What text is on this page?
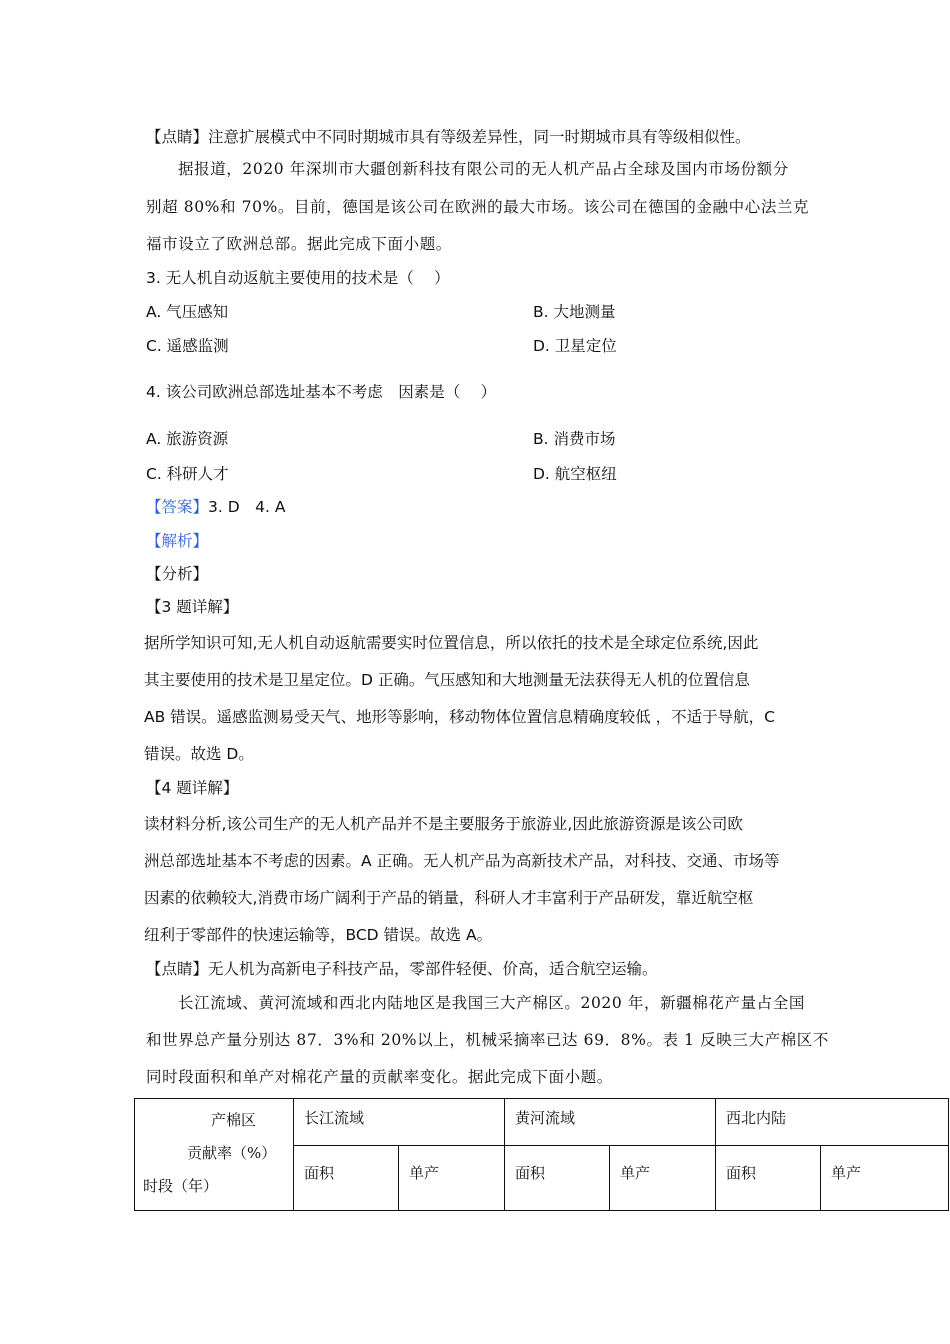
【点睛】注意扩展模式中不同时期城市具有等级差异性，同一时期城市具有等级相似性。
据报道，2020 年深圳市大疆创新科技有限公司的无人机产品占全球及国内市场份额分
别超 80%和 70%。目前，德国是该公司在欧洲的最大市场。该公司在德国的金融中心法兰克
福市设立了欧洲总部。据此完成下面小题。
3. 无人机自动返航主要使用的技术是（　 ）
A. 气压感知	B. 大地测量
C. 遥感监测	D. 卫星定位
4. 该公司欧洲总部选址基本不考虑　因素是（　 ）
A. 旅游资源	B. 消费市场
C. 科研人才	D. 航空枢纽
【答案】3. D　4. A
【解析】
【分析】
【3 题详解】
据所学知识可知,无人机自动返航需要实时位置信息，所以依托的技术是全球定位系统,因此
其主要使用的技术是卫星定位。D 正确。气压感知和大地测量无法获得无人机的位置信息
AB 错误。遥感监测易受天气、地形等影响，移动物体位置信息精确度较低 ，不适于导航，C
错误。故选 D。
【4 题详解】
读材料分析,该公司生产的无人机产品并不是主要服务于旅游业,因此旅游资源是该公司欧
洲总部选址基本不考虑的因素。A 正确。无人机产品为高新技术产品，对科技、交通、市场等
因素的依赖较大,消费市场广阔利于产品的销量，科研人才丰富利于产品研发，靠近航空枢
纽利于零部件的快速运输等，BCD 错误。故选 A。
【点睛】无人机为高新电子科技产品，零部件轻便、价高，适合航空运输。
长江流域、黄河流域和西北内陆地区是我国三大产棉区。2020 年，新疆棉花产量占全国
和世界总产量分别达 87．3%和 20%以上，机械采摘率已达 69．8%。表 1 反映三大产棉区不
同时段面积和单产对棉花产量的贡献率变化。据此完成下面小题。
产棉区
贡献率（%）
时段（年）	长江流域		黄河流域		西北内陆	
	面积	单产	面积	单产	面积	单产
